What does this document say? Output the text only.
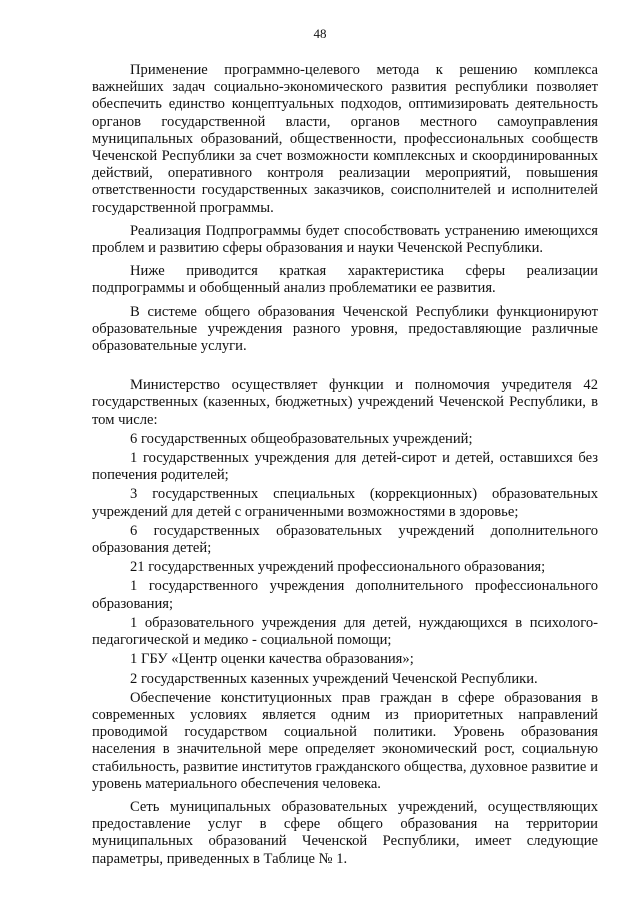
48

Применение программно-целевого метода к решению комплекса важнейших задач социально-экономического развития республики позволяет обеспечить единство концептуальных подходов, оптимизировать деятельность органов государственной власти, органов местного самоуправления муниципальных образований, общественности, профессиональных сообществ Чеченской Республики за счет возможности комплексных и скоординированных действий, оперативного контроля реализации мероприятий, повышения ответственности государственных заказчиков, соисполнителей и исполнителей государственной программы.

Реализация Подпрограммы будет способствовать устранению имеющихся проблем и развитию сферы образования и науки Чеченской Республики.

Ниже приводится краткая характеристика сферы реализации подпрограммы и обобщенный анализ проблематики ее развития.

В системе общего образования Чеченской Республики функционируют образовательные учреждения разного уровня, предоставляющие различные образовательные услуги.

Министерство осуществляет функции и полномочия учредителя 42 государственных (казенных, бюджетных) учреждений Чеченской Республики, в том числе:

6 государственных общеобразовательных учреждений;

1 государственных учреждения для детей-сирот и детей, оставшихся без попечения родителей;

3 государственных специальных (коррекционных) образовательных учреждений для детей с ограниченными возможностями в здоровье;

6 государственных образовательных учреждений дополнительного образования детей;

21 государственных учреждений профессионального образования;

1 государственного учреждения дополнительного профессионального образования;

1 образовательного учреждения для детей, нуждающихся в психолого-педагогической и медико - социальной помощи;

1 ГБУ «Центр оценки качества образования»;

2 государственных казенных учреждений Чеченской Республики.

Обеспечение конституционных прав граждан в сфере образования в современных условиях является одним из приоритетных направлений проводимой государством социальной политики. Уровень образования населения в значительной мере определяет экономический рост, социальную стабильность, развитие институтов гражданского общества, духовное развитие и уровень материального обеспечения человека.

Сеть муниципальных образовательных учреждений, осуществляющих предоставление услуг в сфере общего образования на территории муниципальных образований Чеченской Республики, имеет следующие параметры, приведенных в Таблице № 1.
